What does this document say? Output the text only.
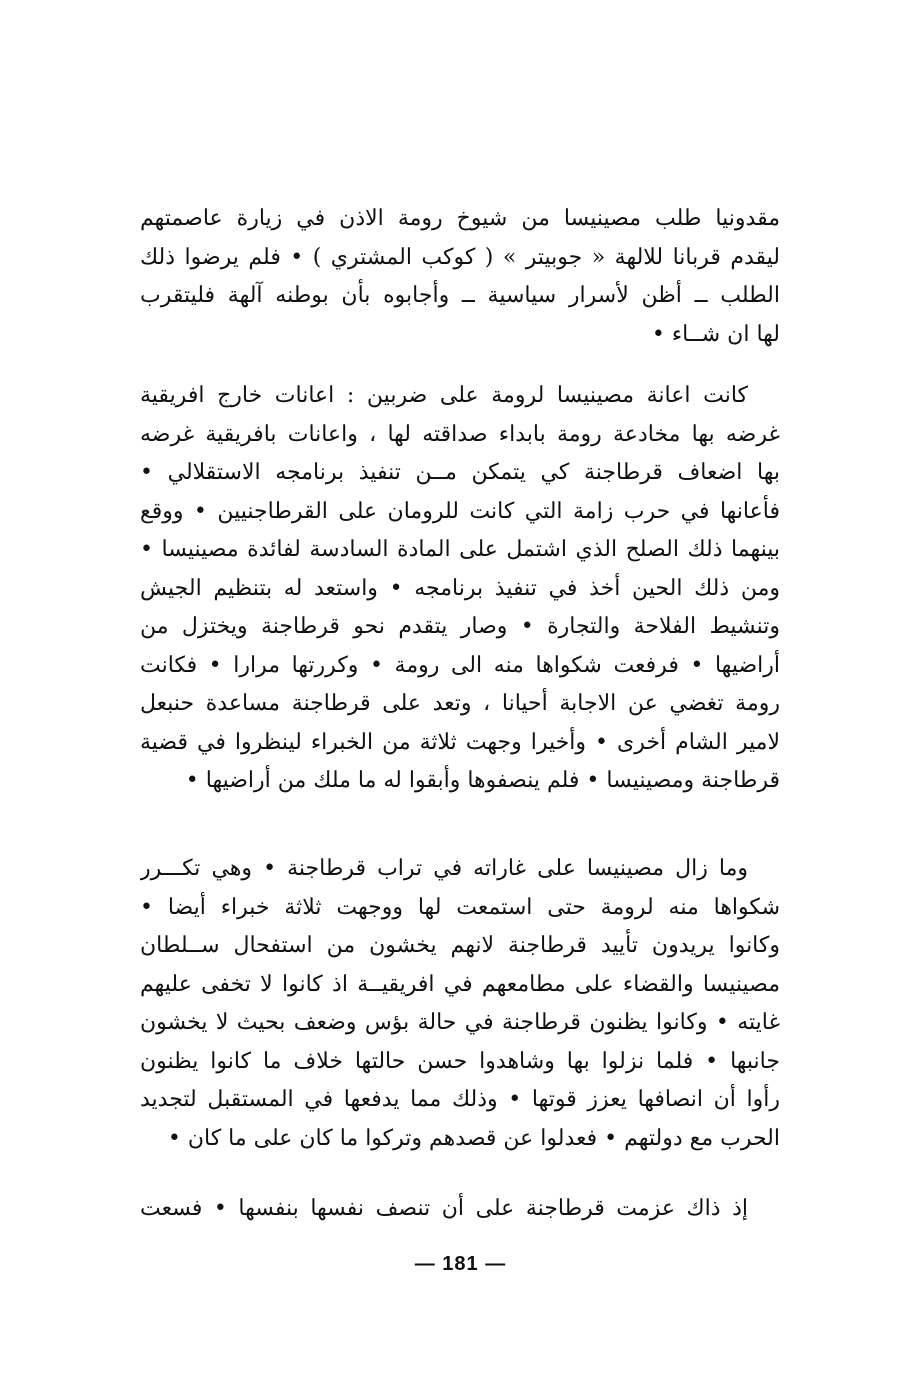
مقدونيا طلب مصينيسا من شيوخ رومة الاذن في زيارة عاصمتهم
ليقدم قربانا للالهة « جوبيتر » ( كوكب المشتري ) • فلم يرضوا ذلك
الطلب ــ أظن لأسرار سياسية ــ وأجابوه بأن بوطنه آلهة فليتقرب
لها ان شــاء •
كانت اعانة مصينيسا لرومة على ضربين : اعانات خارج افريقية
غرضه بها مخادعة رومة بابداء صداقته لها ، واعانات بافريقية غرضه
بها اضعاف قرطاجنة كي يتمكن مــن تنفيذ برنامجه الاستقلالي •
فأعانها في حرب زامة التي كانت للرومان على القرطاجنيين • ووقع
بينهما ذلك الصلح الذي اشتمل على المادة السادسة لفائدة مصينيسا •
ومن ذلك الحين أخذ في تنفيذ برنامجه • واستعد له بتنظيم الجيش
وتنشيط الفلاحة والتجارة • وصار يتقدم نحو قرطاجنة ويختزل من
أراضيها • فرفعت شكواها منه الى رومة • وكررتها مرارا • فكانت
رومة تغضي عن الاجابة أحيانا ، وتعد على قرطاجنة مساعدة حنبعل
لامير الشام أخرى • وأخيرا وجهت ثلاثة من الخبراء لينظروا في قضية
قرطاجنة ومصينيسا • فلم ينصفوها وأبقوا له ما ملك من أراضيها •
وما زال مصينيسا على غاراته في تراب قرطاجنة • وهي تكـــرر
شكواها منه لرومة حتى استمعت لها ووجهت ثلاثة خبراء أيضا •
وكانوا يريدون تأييد قرطاجنة لانهم يخشون من استفحال ســلطان
مصينيسا والقضاء على مطامعهم في افريقيــة اذ كانوا لا تخفى عليهم
غايته • وكانوا يظنون قرطاجنة في حالة بؤس وضعف بحيث لا يخشون
جانبها • فلما نزلوا بها وشاهدوا حسن حالتها خلاف ما كانوا يظنون
رأوا أن انصافها يعزز قوتها • وذلك مما يدفعها في المستقبل لتجديد
الحرب مع دولتهم • فعدلوا عن قصدهم وتركوا ما كان على ما كان •
إذ ذاك عزمت قرطاجنة على أن تنصف نفسها بنفسها • فسعت
— 181 —
